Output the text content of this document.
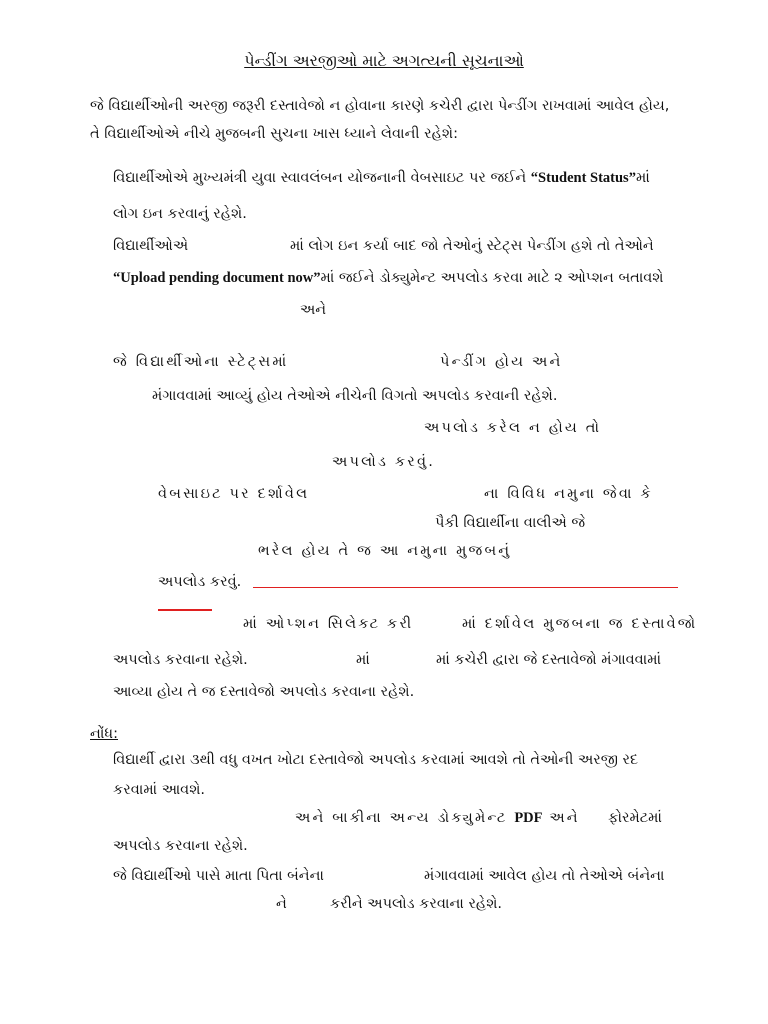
પેન્ડીંગ અરજીઓ માટે અગત્યની સૂચનાઓ
જે વિદ્યાર્થીઓની અરજી જરૂરી દસ્તાવેજો ન હોવાના કારણે કચેરી દ્વારા પેન્ડીંગ રાખવામાં આવેલ હોય,
તે વિદ્યાર્થીઓએ નીચે મુજબની સુચના ખાસ ધ્યાને લેવાની રહેશે:
વિદ્યાર્થીઓએ મુખ્યમંત્રી યુવા સ્વાવલંબન યોજનાની વેબસાઇટ પર જઈને “Student Status”માં
લોગ ઇન કરવાનું રહેશે.
વિદ્યાર્થીઓએ	માં લોગ ઇન કર્યા બાદ જો તેઓનું સ્ટેટ્સ પેન્ડીંગ હશે તો તેઓને
“Upload pending document now”માં જઈને ડોક્યુમેન્ટ અપલોડ કરવા માટે ૨ ઓપ્શન બતાવશે
અને
જે વિદ્યાર્થીઓના સ્ટેટ્સમાં	પેન્ડીંગ હોય અને
મંગાવવામાં આવ્યું હોય તેઓએ નીચેની વિગતો અપલોડ કરવાની રહેશે.
અપલોડ કરેલ ન હોય તો
અપલોડ કરવું.
વેબસાઇટ પર દર્શાવેલ	ના વિવિધ નમુના જેવા કે
પૈકી વિદ્યાર્થીના વાલીએ જે
ભરેલ હોય તે જ આ નમુના મુજબનું
અપલોડ કરવું.
માં ઓપ્શન સિલેક્ટ કરી	માં દર્શાવેલ મુજબના જ દસ્તાવેજો
અપલોડ કરવાના રહેશે.	માં	માં કચેરી દ્વારા જે દસ્તાવેજો મંગાવવામાં
આવ્યા હોય તે જ દસ્તાવેજો અપલોડ કરવાના રહેશે.
નોંધ:
વિદ્યાર્થી દ્વારા ૩થી વધુ વખત ખોટા દસ્તાવેજો અપલોડ કરવામાં આવશે તો તેઓની અરજી રદ
કરવામાં આવશે.
અને બાકીના અન્ય ડોક્યુમેન્ટ PDF અને ફોરમેટમાં
અપલોડ કરવાના રહેશે.
જે વિદ્યાર્થીઓ પાસે માતા પિતા બંનેના	મંગાવવામાં આવેલ હોય તો તેઓએ બંનેના
ને	કરીને અપલોડ કરવાના રહેશે.
